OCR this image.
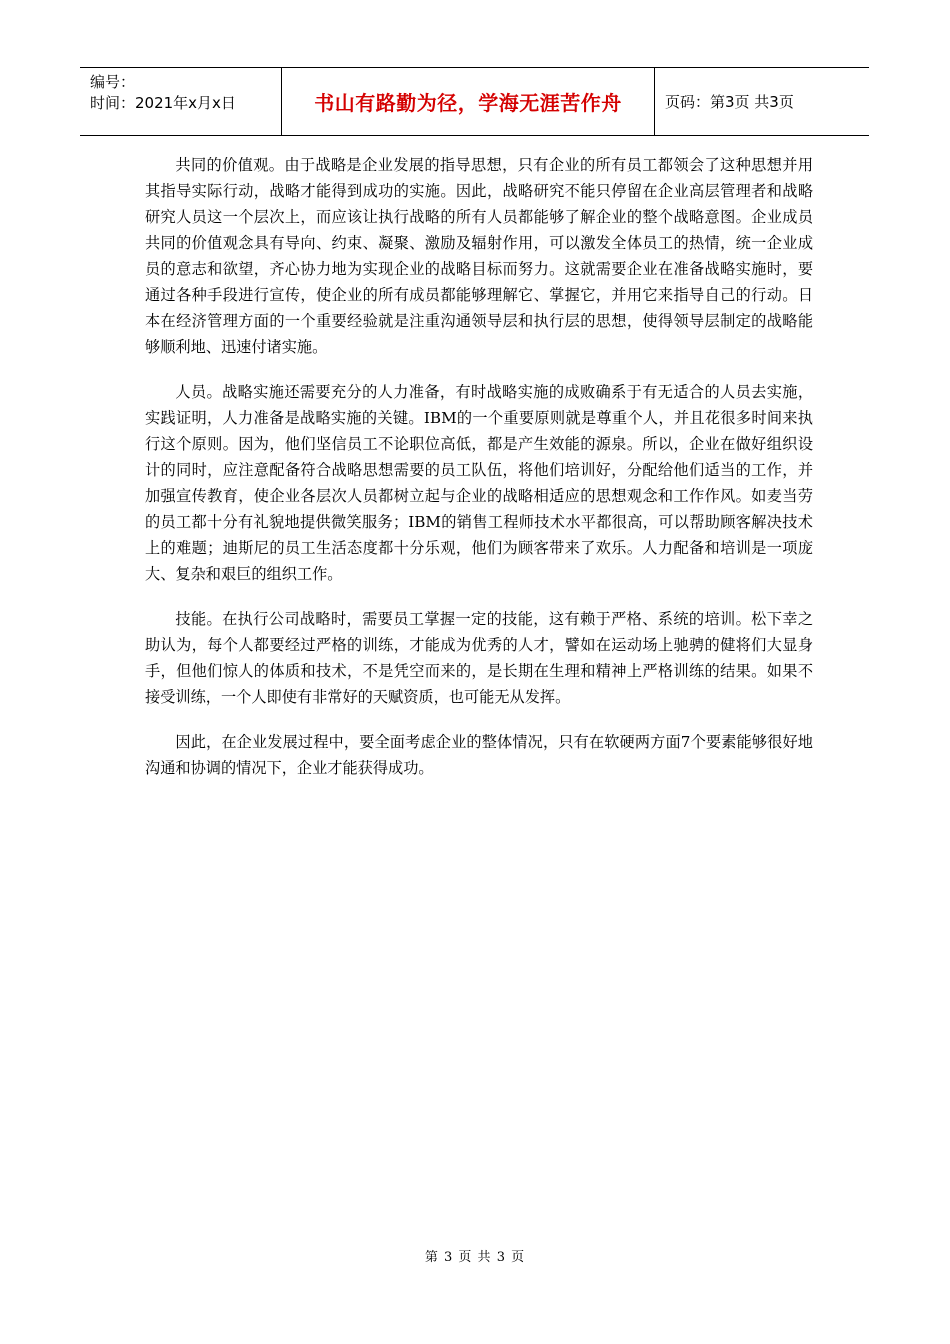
编号：
时间：2021年x月x日	书山有路勤为径，学海无涯苦作舟	页码：第3页 共3页

共同的价值观。由于战略是企业发展的指导思想，只有企业的所有员工都领会了这种思想并用其指导实际行动，战略才能得到成功的实施。因此，战略研究不能只停留在企业高层管理者和战略研究人员这一个层次上，而应该让执行战略的所有人员都能够了解企业的整个战略意图。企业成员共同的价值观念具有导向、约束、凝聚、激励及辐射作用，可以激发全体员工的热情，统一企业成员的意志和欲望，齐心协力地为实现企业的战略目标而努力。这就需要企业在准备战略实施时，要通过各种手段进行宣传，使企业的所有成员都能够理解它、掌握它，并用它来指导自己的行动。日本在经济管理方面的一个重要经验就是注重沟通领导层和执行层的思想，使得领导层制定的战略能够顺利地、迅速付诸实施。

人员。战略实施还需要充分的人力准备，有时战略实施的成败确系于有无适合的人员去实施，实践证明，人力准备是战略实施的关键。IBM的一个重要原则就是尊重个人，并且花很多时间来执行这个原则。因为，他们坚信员工不论职位高低，都是产生效能的源泉。所以，企业在做好组织设计的同时，应注意配备符合战略思想需要的员工队伍，将他们培训好，分配给他们适当的工作，并加强宣传教育，使企业各层次人员都树立起与企业的战略相适应的思想观念和工作作风。如麦当劳的员工都十分有礼貌地提供微笑服务；IBM的销售工程师技术水平都很高，可以帮助顾客解决技术上的难题；迪斯尼的员工生活态度都十分乐观，他们为顾客带来了欢乐。人力配备和培训是一项庞大、复杂和艰巨的组织工作。

技能。在执行公司战略时，需要员工掌握一定的技能，这有赖于严格、系统的培训。松下幸之助认为，每个人都要经过严格的训练，才能成为优秀的人才，譬如在运动场上驰骋的健将们大显身手，但他们惊人的体质和技术，不是凭空而来的，是长期在生理和精神上严格训练的结果。如果不接受训练，一个人即使有非常好的天赋资质，也可能无从发挥。

因此，在企业发展过程中，要全面考虑企业的整体情况，只有在软硬两方面7个要素能够很好地沟通和协调的情况下，企业才能获得成功。

第 3 页 共 3 页
